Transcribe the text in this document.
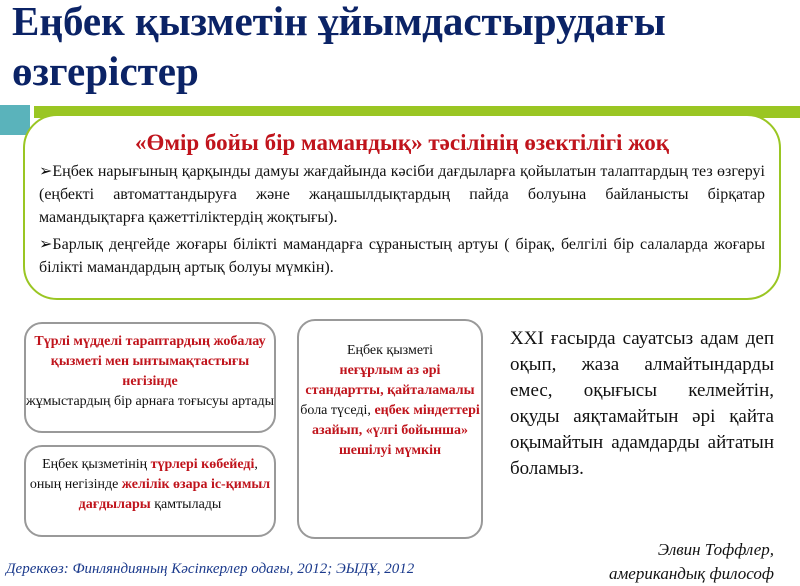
Еңбек қызметін ұйымдастырудағы өзгерістер
«Өмір бойы бір мамандық» тәсілінің өзектілігі жоқ

➢Еңбек нарығының қарқынды дамуы жағдайында кәсіби дағдыларға қойылатын талаптардың тез өзгеруі (еңбекті автоматтандыруға және жаңашылдықтардың пайда болуына байланысты бірқатар мамандықтарға қажеттіліктердің жоқтығы).

➢Барлық деңгейде жоғары білікті мамандарға сұраныстың артуы ( бірақ, белгілі бір салаларда жоғары білікті мамандардың артық болуы мүмкін).

Түрлі мүдделі тараптардың жобалау қызметі мен ынтымақтастығы негізінде
жұмыстардың бір арнаға тоғысуы артады
Еңбек қызметінің түрлері көбейеді, оның негізінде желілік өзара іс-қимыл дағдылары қамтылады
Еңбек қызметі
неғұрлым аз әрі стандартты, қайталамалы бола түседі, еңбек міндеттері азайып, «үлгі бойынша» шешілуі мүмкін
XXI ғасырда сауатсыз адам деп оқып, жаза алмайтындарды емес, оқығысы келмейтін, оқуды аяқтамайтын әрі қайта оқымайтын адамдарды айтатын боламыз.
Элвин Тоффлер,
американдық философ
Дереккөз: Финляндияның Кәсіпкерлер одағы, 2012; ЭЫДҰ, 2012
